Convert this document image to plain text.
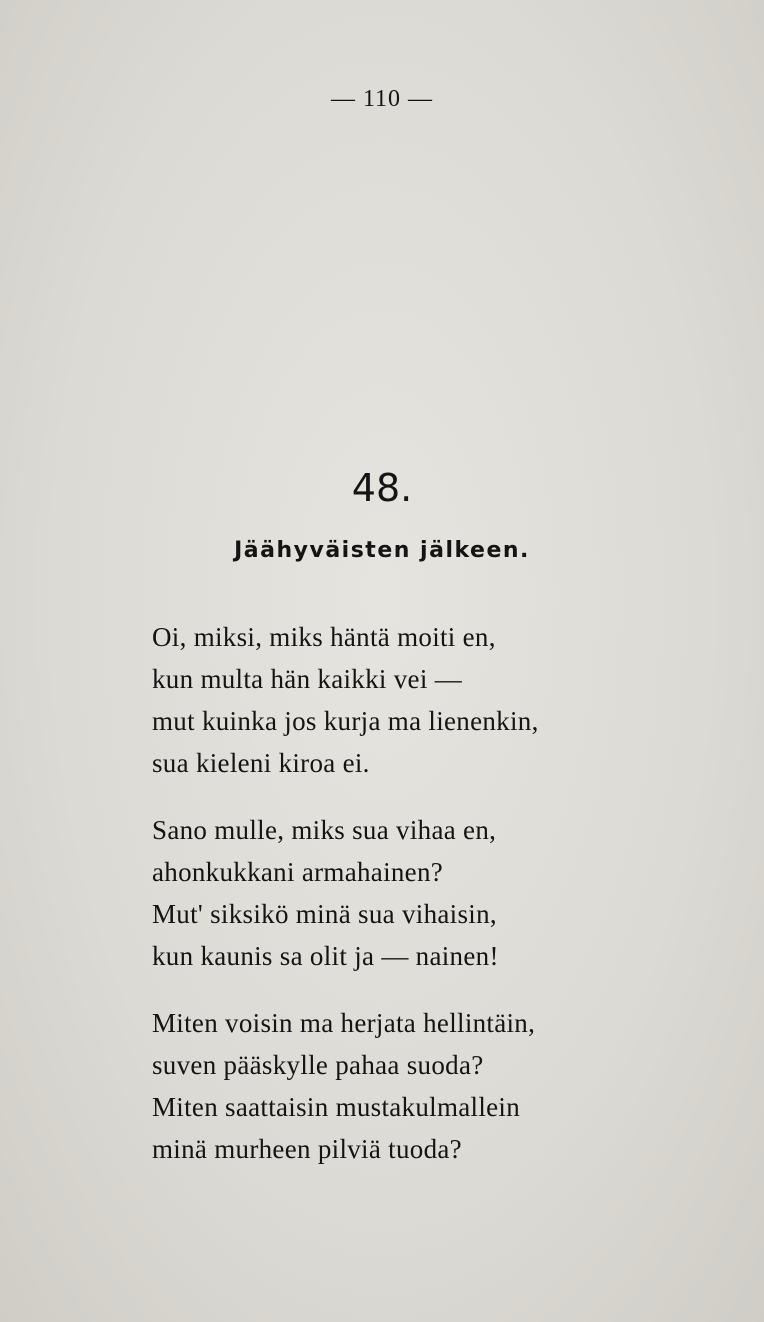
— 110 —
48.
Jäähyväisten jälkeen.
Oi, miksi, miks häntä moiti en,
kun multa hän kaikki vei —
mut kuinka jos kurja ma lienenkin,
sua kieleni kiroa ei.
Sano mulle, miks sua vihaa en,
ahonkukkani armahainen?
Mut' siksikö minä sua vihaisin,
kun kaunis sa olit ja — nainen!
Miten voisin ma herjata hellintäin,
suven pääskylle pahaa suoda?
Miten saattaisin mustakulmallein
minä murheen pilviä tuoda?
